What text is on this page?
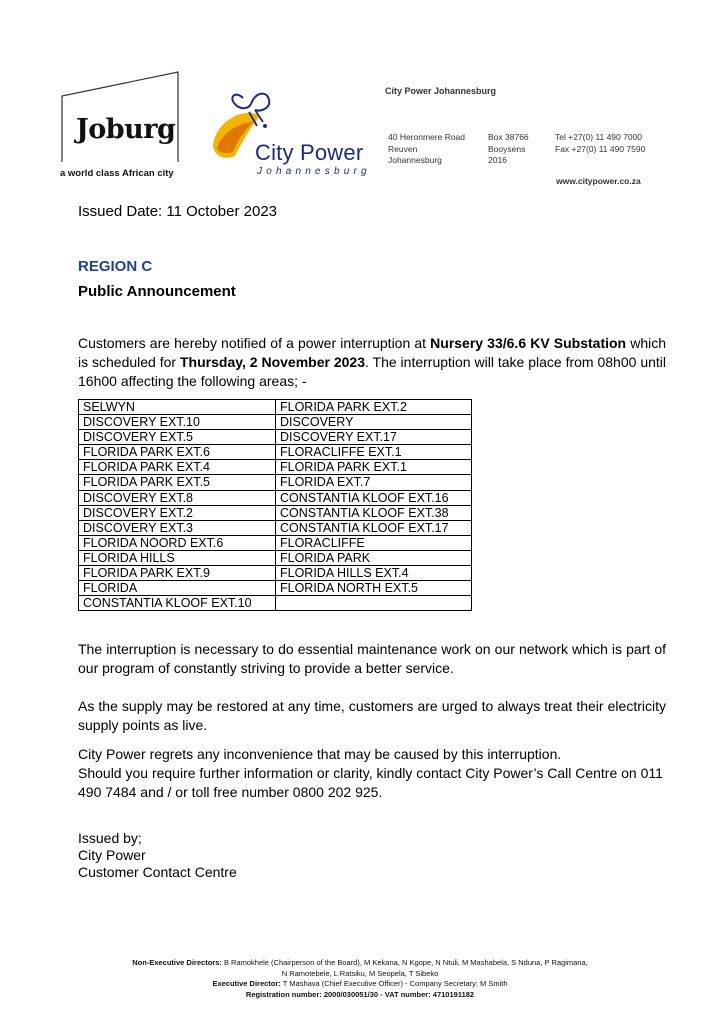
Joburg
a world class African city
City Power
Johannesburg
City Power Johannesburg
40 Heronmere Road
Reuven
Johannesburg
Box 38766
Booysens
2016
Tel +27(0) 11 490 7000
Fax +27(0) 11 490 7590
www.citypower.co.za
Issued Date: 11 October 2023
REGION C
Public Announcement
Customers are hereby notified of a power interruption at Nursery 33/6.6 KV Substation which is scheduled for Thursday, 2 November 2023. The interruption will take place from 08h00 until 16h00 affecting the following areas; -
SELWYN	FLORIDA PARK EXT.2
DISCOVERY EXT.10	DISCOVERY
DISCOVERY EXT.5	DISCOVERY EXT.17
FLORIDA PARK EXT.6	FLORACLIFFE EXT.1
FLORIDA PARK EXT.4	FLORIDA PARK EXT.1
FLORIDA PARK EXT.5	FLORIDA EXT.7
DISCOVERY EXT.8	CONSTANTIA KLOOF EXT.16
DISCOVERY EXT.2	CONSTANTIA KLOOF EXT.38
DISCOVERY EXT.3	CONSTANTIA KLOOF EXT.17
FLORIDA NOORD EXT.6	FLORACLIFFE
FLORIDA HILLS	FLORIDA PARK
FLORIDA PARK EXT.9	FLORIDA HILLS EXT.4
FLORIDA	FLORIDA NORTH EXT.5
CONSTANTIA KLOOF EXT.10	
The interruption is necessary to do essential maintenance work on our network which is part of our program of constantly striving to provide a better service.
As the supply may be restored at any time, customers are urged to always treat their electricity supply points as live.
City Power regrets any inconvenience that may be caused by this interruption.
Should you require further information or clarity, kindly contact City Power’s Call Centre on 011 490 7484 and / or toll free number 0800 202 925.
Issued by;
City Power
Customer Contact Centre
Non-Executive Directors: B Ramokhele (Chairperson of the Board), M Kekana, N Kgope, N Ntuli, M Mashabela, S Nduna, P Ragimana,
N Ramotebele, L Ratsiku, M Seopela, T Sibeko
Executive Director: T Mashava (Chief Executive Officer) - Company Secretary: M Smith
Registration number: 2000/030051/30 - VAT number: 4710191182
